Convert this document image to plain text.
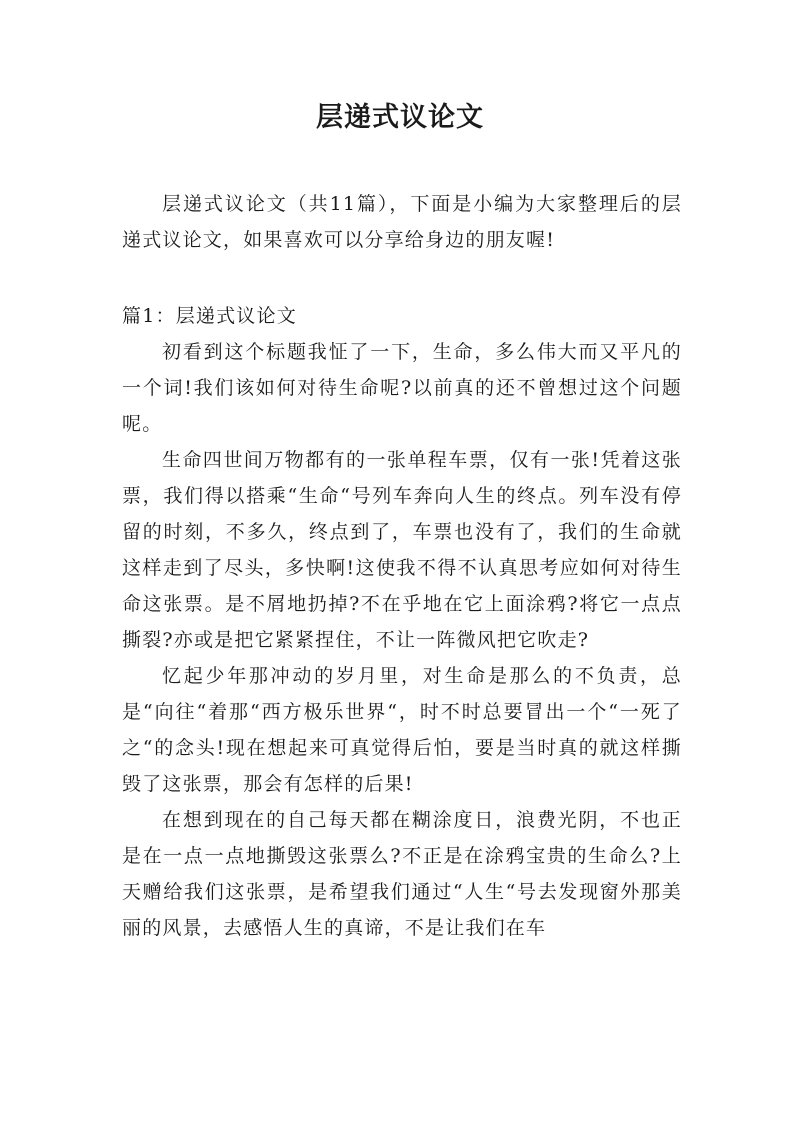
层递式议论文

层递式议论文（共11篇），下面是小编为大家整理后的层递式议论文，如果喜欢可以分享给身边的朋友喔!

篇1：层递式议论文

初看到这个标题我怔了一下，生命，多么伟大而又平凡的一个词!我们该如何对待生命呢?以前真的还不曾想过这个问题呢。

生命四世间万物都有的一张单程车票，仅有一张!凭着这张票，我们得以搭乘“生命“号列车奔向人生的终点。列车没有停留的时刻，不多久，终点到了，车票也没有了，我们的生命就这样走到了尽头，多快啊!这使我不得不认真思考应如何对待生命这张票。是不屑地扔掉?不在乎地在它上面涂鸦?将它一点点撕裂?亦或是把它紧紧捏住，不让一阵微风把它吹走?

忆起少年那冲动的岁月里，对生命是那么的不负责，总是“向往“着那“西方极乐世界“，时不时总要冒出一个“一死了之“的念头!现在想起来可真觉得后怕，要是当时真的就这样撕毁了这张票，那会有怎样的后果!

在想到现在的自己每天都在糊涂度日，浪费光阴，不也正是在一点一点地撕毁这张票么?不正是在涂鸦宝贵的生命么?上天赠给我们这张票，是希望我们通过“人生“号去发现窗外那美丽的风景，去感悟人生的真谛，不是让我们在车
